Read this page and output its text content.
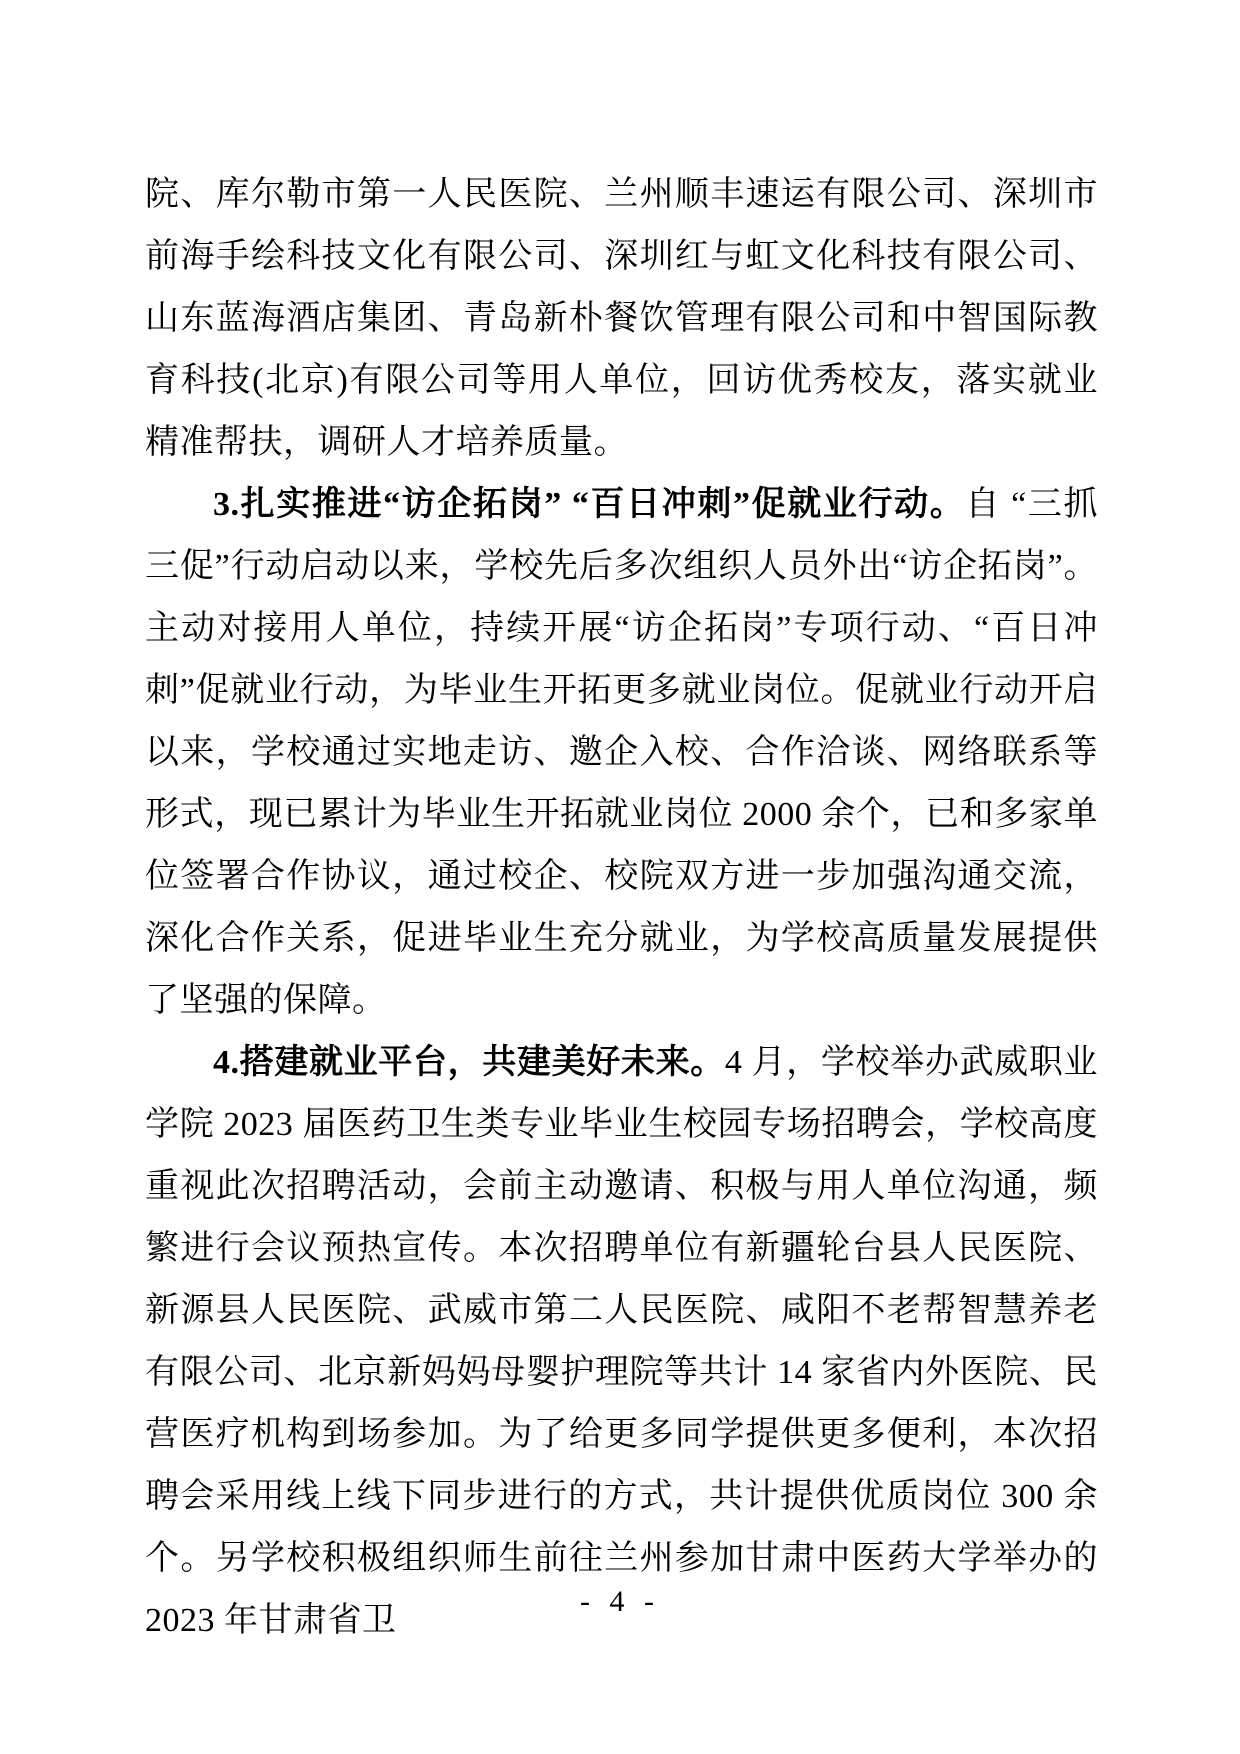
院、库尔勒市第一人民医院、兰州顺丰速运有限公司、深圳市前海手绘科技文化有限公司、深圳红与虹文化科技有限公司、山东蓝海酒店集团、青岛新朴餐饮管理有限公司和中智国际教育科技(北京)有限公司等用人单位，回访优秀校友，落实就业精准帮扶，调研人才培养质量。

3.扎实推进“访企拓岗” “百日冲刺”促就业行动。自 “三抓三促”行动启动以来，学校先后多次组织人员外出“访企拓岗”。主动对接用人单位，持续开展“访企拓岗”专项行动、“百日冲刺”促就业行动，为毕业生开拓更多就业岗位。促就业行动开启以来，学校通过实地走访、邀企入校、合作洽谈、网络联系等形式，现已累计为毕业生开拓就业岗位 2000 余个，已和多家单位签署合作协议，通过校企、校院双方进一步加强沟通交流，深化合作关系，促进毕业生充分就业，为学校高质量发展提供了坚强的保障。

4.搭建就业平台，共建美好未来。4 月，学校举办武威职业学院 2023 届医药卫生类专业毕业生校园专场招聘会，学校高度重视此次招聘活动，会前主动邀请、积极与用人单位沟通，频繁进行会议预热宣传。本次招聘单位有新疆轮台县人民医院、新源县人民医院、武威市第二人民医院、咸阳不老帮智慧养老有限公司、北京新妈妈母婴护理院等共计 14 家省内外医院、民营医疗机构到场参加。为了给更多同学提供更多便利，本次招聘会采用线上线下同步进行的方式，共计提供优质岗位 300 余个。另学校积极组织师生前往兰州参加甘肃中医药大学举办的 2023 年甘肃省卫

- 4 -
